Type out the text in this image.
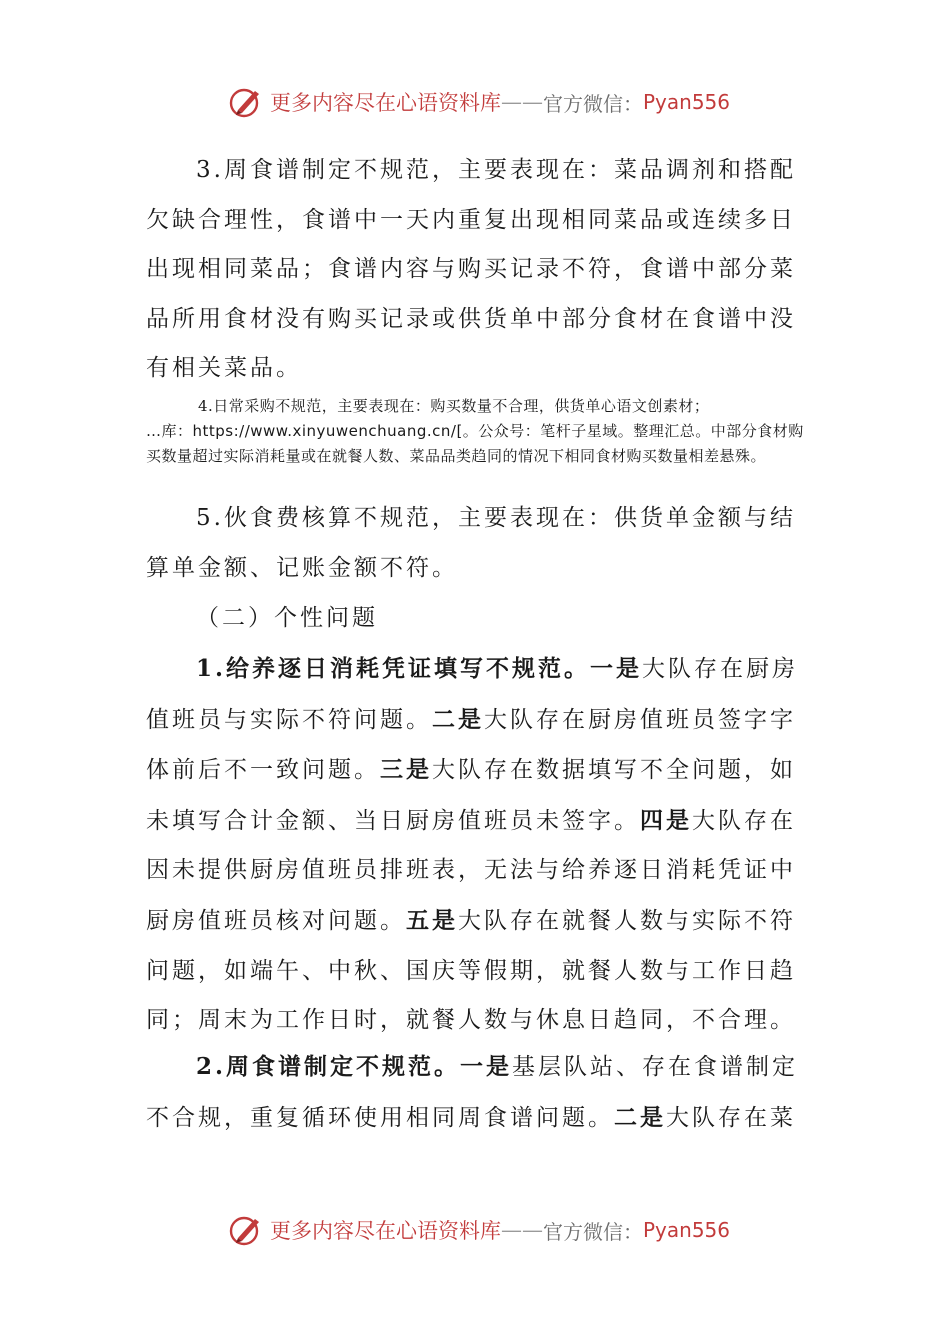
更多内容尽在心语资料库 —— 官方微信： Pyan556

3.周食谱制定不规范，主要表现在：菜品调剂和搭配欠缺合理性，食谱中一天内重复出现相同菜品或连续多日出现相同菜品；食谱内容与购买记录不符，食谱中部分菜品所用食材没有购买记录或供货单中部分食材在食谱中没有相关菜品。

4.日常采购不规范，主要表现在：购买数量不合理，供货单心语文创素材；
…库：https://www.xinyuwenchuang.cn/[。公众号：笔杆子星域。整理汇总。中部分食材购买数量超过实际消耗量或在就餐人数、菜品品类趋同的情况下相同食材购买数量相差悬殊。

5.伙食费核算不规范，主要表现在：供货单金额与结算单金额、记账金额不符。

（二）个性问题

1.给养逐日消耗凭证填写不规范。一是大队存在厨房值班员与实际不符问题。二是大队存在厨房值班员签字字体前后不一致问题。三是大队存在数据填写不全问题，如未填写合计金额、当日厨房值班员未签字。四是大队存在因未提供厨房值班员排班表，无法与给养逐日消耗凭证中厨房值班员核对问题。五是大队存在就餐人数与实际不符问题，如端午、中秋、国庆等假期，就餐人数与工作日趋同；周末为工作日时，就餐人数与休息日趋同，不合理。

2.周食谱制定不规范。一是基层队站、存在食谱制定不合规，重复循环使用相同周食谱问题。二是大队存在菜

更多内容尽在心语资料库 —— 官方微信： Pyan556
